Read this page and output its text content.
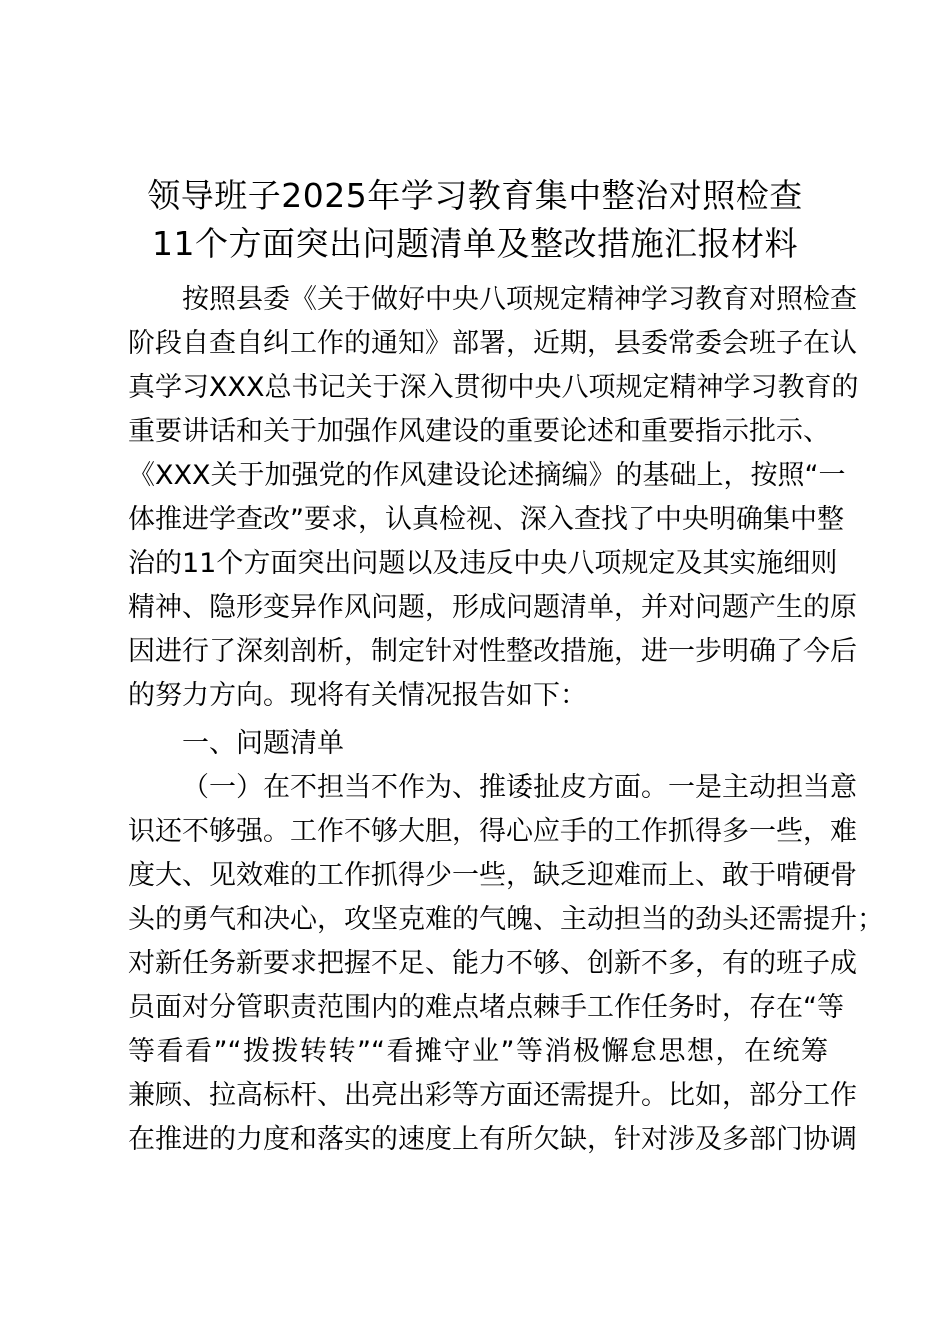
领导班子2025年学习教育集中整治对照检查
11个方面突出问题清单及整改措施汇报材料
按照县委《关于做好中央八项规定精神学习教育对照检查
阶段自查自纠工作的通知》部署，近期，县委常委会班子在认
真学习XXX总书记关于深入贯彻中央八项规定精神学习教育的
重要讲话和关于加强作风建设的重要论述和重要指示批示、
《XXX关于加强党的作风建设论述摘编》的基础上，按照“一
体推进学查改”要求，认真检视、深入查找了中央明确集中整
治的11个方面突出问题以及违反中央八项规定及其实施细则
精神、隐形变异作风问题，形成问题清单，并对问题产生的原
因进行了深刻剖析，制定针对性整改措施，进一步明确了今后
的努力方向。现将有关情况报告如下：
一、问题清单
（一）在不担当不作为、推诿扯皮方面。一是主动担当意
识还不够强。工作不够大胆，得心应手的工作抓得多一些，难
度大、见效难的工作抓得少一些，缺乏迎难而上、敢于啃硬骨
头的勇气和决心，攻坚克难的气魄、主动担当的劲头还需提升；
对新任务新要求把握不足、能力不够、创新不多，有的班子成
员面对分管职责范围内的难点堵点棘手工作任务时，存在“等
等看看”“拨拨转转”“看摊守业”等消极懈怠思想，在统筹
兼顾、拉高标杆、出亮出彩等方面还需提升。比如，部分工作
在推进的力度和落实的速度上有所欠缺，针对涉及多部门协调
